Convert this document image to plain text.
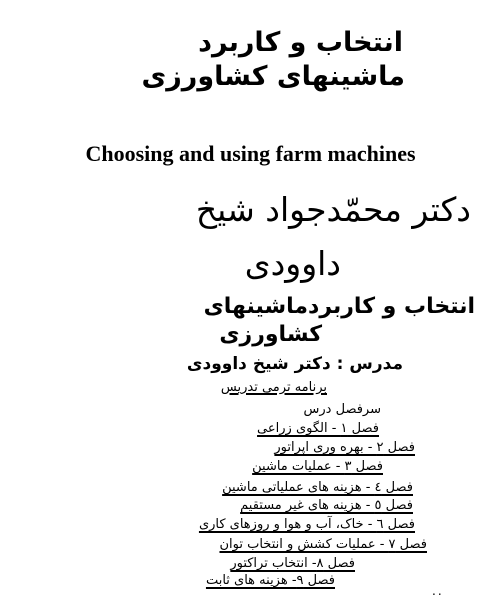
انتخاب و کاربرد
ماشینهای کشاورزی
Choosing and using farm machines
دکتر محمّدجواد شیخ
داوودی
انتخاب و کاربردماشینهای
کشاورزی
مدرس : دکتر شیخ داوودی
برنامه ترمی تدریس
سرفصل درس
فصل ۱ - الگوی زراعی
فصل ۲ - بهره وری اپراتور
فصل ۳ - عملیات ماشین
فصل ٤ - هزینه های عملیاتی ماشین
فصل ٥ - هزینه های غیر مستقیم
فصل ٦ - خاک، آب و هوا و روزهای کاری
فصل ۷ - عملیات کشش و انتخاب توان
فصل ۸- انتخاب تراکتور
فصل ۹- هزینه های ثابت
..
